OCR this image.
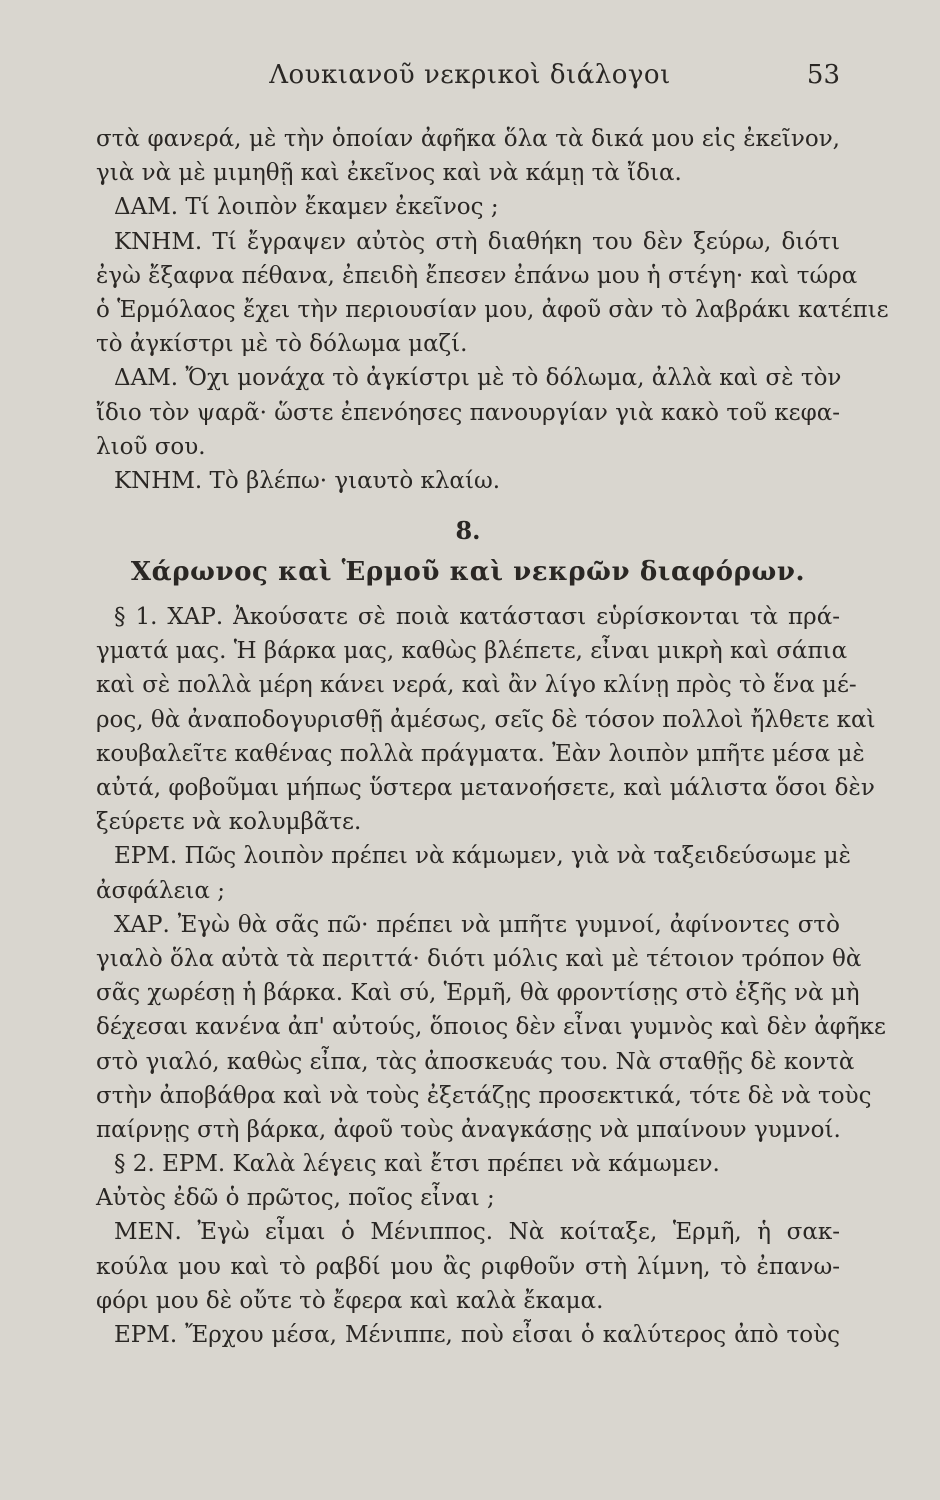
Λουκιανοῦ νεκρικοὶ διάλογοι	53
στὰ φανερά, μὲ τὴν ὁποίαν ἀφῆκα ὅλα τὰ δικά μου εἰς ἐκεῖνον,
γιὰ νὰ μὲ μιμηθῇ καὶ ἐκεῖνος καὶ νὰ κάμῃ τὰ ἴδια.
ΔΑΜ. Τί λοιπὸν ἔκαμεν ἐκεῖνος ;
ΚΝΗΜ. Τί ἔγραψεν αὐτὸς στὴ διαθήκη του δὲν ξεύρω, διότι
ἐγὼ ἔξαφνα πέθανα, ἐπειδὴ ἔπεσεν ἐπάνω μου ἡ στέγη· καὶ τώρα
ὁ Ἑρμόλαος ἔχει τὴν περιουσίαν μου, ἀφοῦ σὰν τὸ λαβράκι κατέπιε
τὸ ἀγκίστρι μὲ τὸ δόλωμα μαζί.
ΔΑΜ. Ὄχι μονάχα τὸ ἀγκίστρι μὲ τὸ δόλωμα, ἀλλὰ καὶ σὲ τὸν
ἴδιο τὸν ψαρᾶ· ὥστε ἐπενόησες πανουργίαν γιὰ κακὸ τοῦ κεφα-
λιοῦ σου.
ΚΝΗΜ. Τὸ βλέπω· γιαυτὸ κλαίω.
8.
Χάρωνος καὶ Ἑρμοῦ καὶ νεκρῶν διαφόρων.
§ 1. ΧΑΡ. Ἀκούσατε σὲ ποιὰ κατάστασι εὑρίσκονται τὰ πρά-
γματά μας. Ἡ βάρκα μας, καθὼς βλέπετε, εἶναι μικρὴ καὶ σάπια
καὶ σὲ πολλὰ μέρη κάνει νερά, καὶ ἂν λίγο κλίνῃ πρὸς τὸ ἕνα μέ-
ρος, θὰ ἀναποδογυρισθῇ ἀμέσως, σεῖς δὲ τόσον πολλοὶ ἤλθετε καὶ
κουβαλεῖτε καθένας πολλὰ πράγματα. Ἐὰν λοιπὸν μπῆτε μέσα μὲ
αὐτά, φοβοῦμαι μήπως ὕστερα μετανοήσετε, καὶ μάλιστα ὅσοι δὲν
ξεύρετε νὰ κολυμβᾶτε.
ΕΡΜ. Πῶς λοιπὸν πρέπει νὰ κάμωμεν, γιὰ νὰ ταξειδεύσωμε μὲ
ἀσφάλεια ;
ΧΑΡ. Ἐγὼ θὰ σᾶς πῶ· πρέπει νὰ μπῆτε γυμνοί, ἀφίνοντες στὸ
γιαλὸ ὅλα αὐτὰ τὰ περιττά· διότι μόλις καὶ μὲ τέτοιον τρόπον θὰ
σᾶς χωρέσῃ ἡ βάρκα. Καὶ σύ, Ἑρμῆ, θὰ φροντίσῃς στὸ ἑξῆς νὰ μὴ
δέχεσαι κανένα ἀπ' αὐτούς, ὅποιος δὲν εἶναι γυμνὸς καὶ δὲν ἀφῆκε
στὸ γιαλό, καθὼς εἶπα, τὰς ἀποσκευάς του. Νὰ σταθῇς δὲ κοντὰ
στὴν ἀποβάθρα καὶ νὰ τοὺς ἐξετάζῃς προσεκτικά, τότε δὲ νὰ τοὺς
παίρνῃς στὴ βάρκα, ἀφοῦ τοὺς ἀναγκάσῃς νὰ μπαίνουν γυμνοί.
§ 2. ΕΡΜ. Καλὰ λέγεις καὶ ἔτσι πρέπει νὰ κάμωμεν.
Αὐτὸς ἐδῶ ὁ πρῶτος, ποῖος εἶναι ;
ΜΕΝ. Ἐγὼ εἶμαι ὁ Μένιππος. Νὰ κοίταξε, Ἑρμῆ, ἡ σακ-
κούλα μου καὶ τὸ ραβδί μου ἂς ριφθοῦν στὴ λίμνη, τὸ ἐπανω-
φόρι μου δὲ οὔτε τὸ ἔφερα καὶ καλὰ ἔκαμα.
ΕΡΜ. Ἔρχου μέσα, Μένιππε, ποὺ εἶσαι ὁ καλύτερος ἀπὸ τοὺς
